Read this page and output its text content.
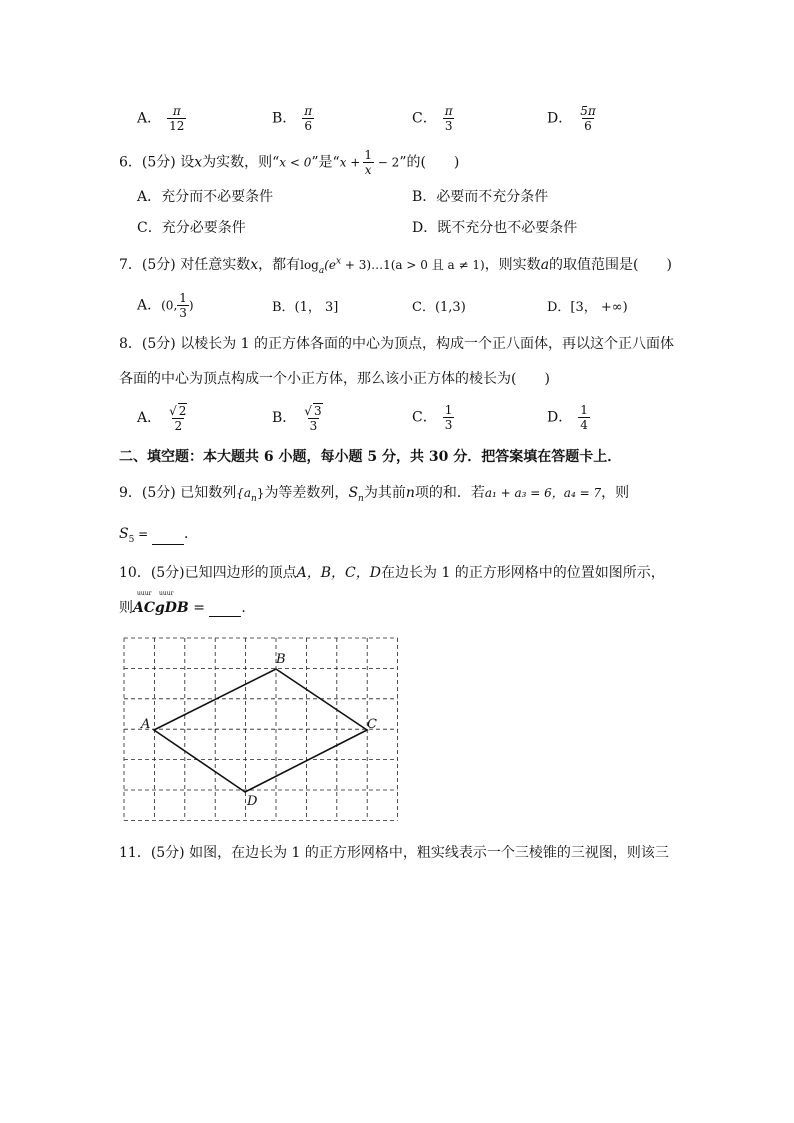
A． $\frac{\pi}{12}$	B． $\frac{\pi}{6}$	C． $\frac{\pi}{3}$	D． $\frac{5\pi}{6}$
6．(5分) 设x为实数，则“x < 0”是“$x + \frac{1}{x} - 2$”的(　　)
A．充分而不必要条件	B．必要而不充分条件
C．充分必要条件	D．既不充分也不必要条件
7．(5分) 对任意实数x，都有$\log_a(e^x$ + 3)…1(a > 0 且 a ≠ 1)，则实数a的取值范围是(　　)
A．(0, $\frac{1}{3}$ )	B．(1， 3]	C．(1,3)	D．[3， +∞)
8．(5分) 以棱长为 1 的正方体各面的中心为顶点，构成一个正八面体，再以这个正八面体
各面的中心为顶点构成一个小正方体，那么该小正方体的棱长为(　　)
A． $\frac{√ 2}{2}$	B． $\frac{√ 3}{3}$	C． $\frac{1}{3}$	D． $\frac{1}{4}$
二、填空题：本大题共 6 小题，每小题 5 分，共 30 分．把答案填在答题卡上．
9．(5分) 已知数列$\{a_n\}$为等差数列，$S_n$为其前n项的和．若a₁ + a₃ = 6，a₄ = 7，则
$S_5$ = ．
10．(5分)已知四边形的顶点A，B，C，D在边长为 1 的正方形网格中的位置如图所示，
则
uuur uuur
ACgDB = ．
A
B
C
D
11．(5分) 如图，在边长为 1 的正方形网格中，粗实线表示一个三棱锥的三视图，则该三
